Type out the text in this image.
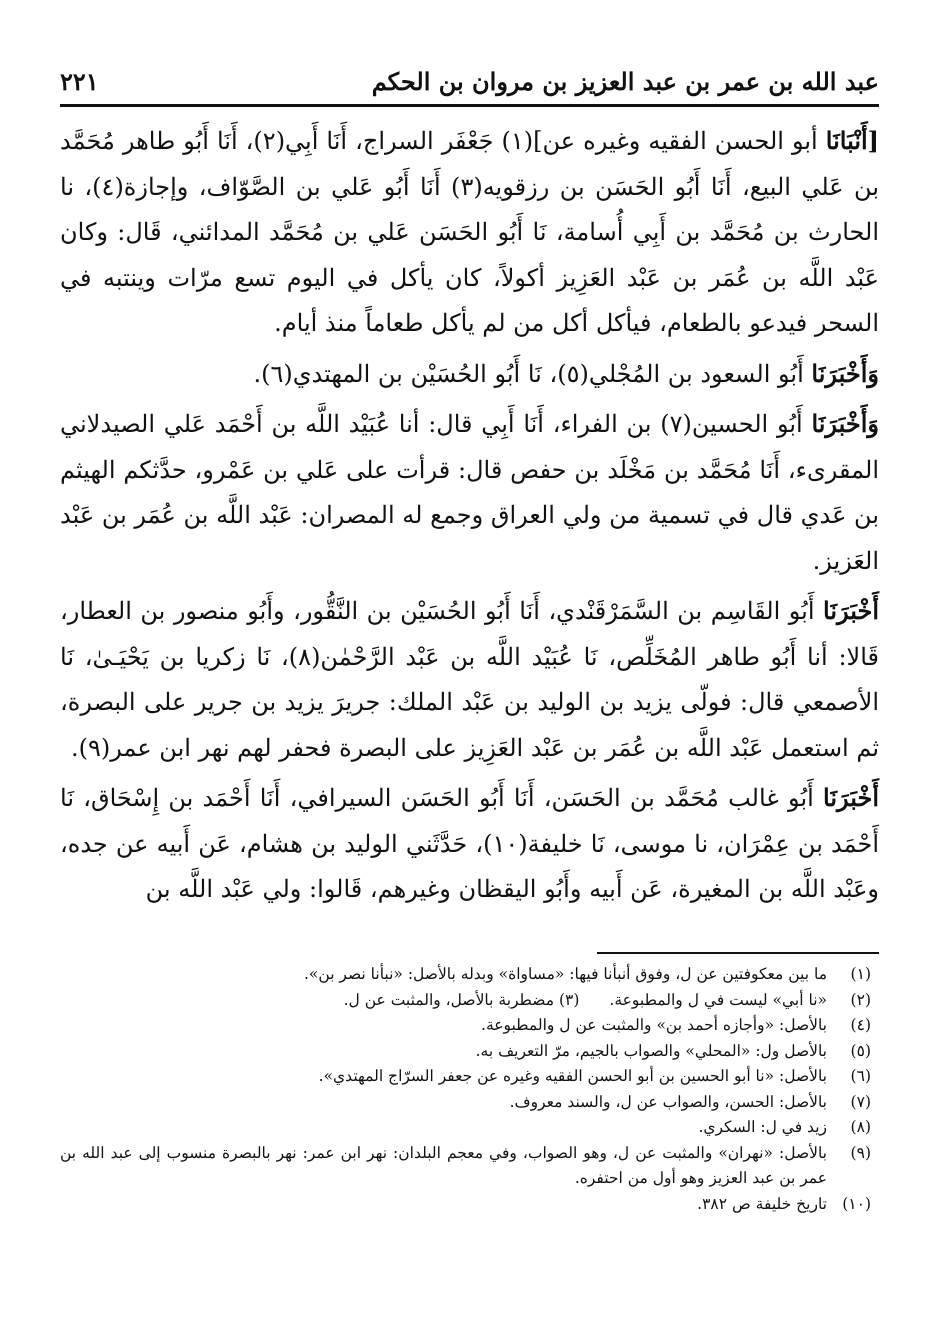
عبد الله بن عمر بن عبد العزيز بن مروان بن الحكم
٢٢١

[أَنْبَانَا أبو الحسن الفقيه وغيره عن](١) جَعْفَر السراج، أَنَا أَبِي(٢)، أَنَا أَبُو طاهر مُحَمَّد بن عَلي البيع، أَنَا أَبُو الحَسَن بن رزقويه(٣) أَنَا أَبُو عَلي بن الصَّوّاف، وإجازة(٤)، نا الحارث بن مُحَمَّد بن أَبِي أُسامة، نَا أَبُو الحَسَن عَلي بن مُحَمَّد المدائني، قَال: وكان عَبْد اللَّه بن عُمَر بن عَبْد العَزِيز أكولاً، كان يأكل في اليوم تسع مرّات وينتبه في السحر فيدعو بالطعام، فيأكل أكل من لم يأكل طعاماً منذ أيام.

وَأَخْبَرَنَا أَبُو السعود بن المُجْلي(٥)، نَا أَبُو الحُسَيْن بن المهتدي(٦).

وَأَخْبَرَنَا أَبُو الحسين(٧) بن الفراء، أَنَا أَبِي قال: أنا عُبَيْد اللَّه بن أَحْمَد عَلي الصيدلاني المقرىء، أَنَا مُحَمَّد بن مَخْلَد بن حفص قال: قرأت على عَلي بن عَمْرو، حدَّثكم الهيثم بن عَدي قال في تسمية من ولي العراق وجمع له المصران: عَبْد اللَّه بن عُمَر بن عَبْد العَزيز.

أَخْبَرَنَا أَبُو القَاسِم بن السَّمَرْقَنْدي، أَنَا أَبُو الحُسَيْن بن النَّقُّور، وأَبُو منصور بن العطار، قَالا: أنا أَبُو طاهر المُخَلِّص، نَا عُبَيْد اللَّه بن عَبْد الرَّحْمٰن(٨)، نَا زكريا بن يَحْيَـىٰ، نَا الأصمعي قال: فولّى يزيد بن الوليد بن عَبْد الملك: جريرَ يزيد بن جرير على البصرة، ثم استعمل عَبْد اللَّه بن عُمَر بن عَبْد العَزِيز على البصرة فحفر لهم نهر ابن عمر(٩).

أَخْبَرَنَا أَبُو غالب مُحَمَّد بن الحَسَن، أَنَا أَبُو الحَسَن السيرافي، أَنَا أَحْمَد بن إِسْحَاق، نَا أَحْمَد بن عِمْرَان، نا موسى، نَا خليفة(١٠)، حَدَّثَني الوليد بن هشام، عَن أَبيه عن جده، وعَبْد اللَّه بن المغيرة، عَن أَبيه وأَبُو اليقظان وغيرهم، قَالوا: ولي عَبْد اللَّه بن

(١)
ما بين معكوفتين عن ل، وفوق أنبأنا فيها: «مساواة» وبدله بالأصل: «نبأنا نصر بن».
(٢)
«نا أبي» ليست في ل والمطبوعة.(٣) مضطربة بالأصل، والمثبت عن ل.
(٤)
بالأصل: «وأجازه أحمد بن» والمثبت عن ل والمطبوعة.
(٥)
بالأصل ول: «المحلي» والصواب بالجيم، مرّ التعريف به.
(٦)
بالأصل: «نا أبو الحسين بن أبو الحسن الفقيه وغيره عن جعفر السرّاج المهتدي».
(٧)
بالأصل: الحسن، والصواب عن ل، والسند معروف.
(٨)
زيد في ل: السكري.
(٩)
بالأصل: «نهران» والمثبت عن ل، وهو الصواب، وفي معجم البلدان: نهر ابن عمر: نهر بالبصرة منسوب إلى عبد الله بن عمر بن عبد العزيز وهو أول من احتفره.
(١٠)
تاريخ خليفة ص ٣٨٢.
